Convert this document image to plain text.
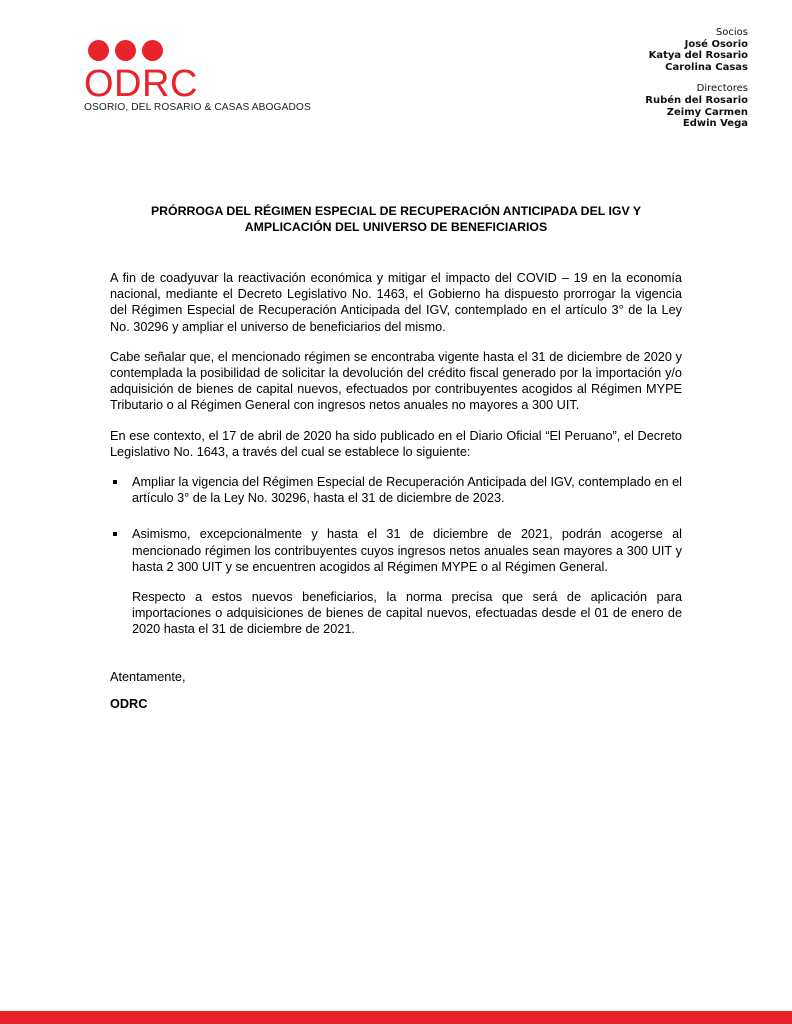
ODRC
OSORIO, DEL ROSARIO & CASAS ABOGADOS
Socios
José Osorio
Katya del Rosario
Carolina Casas
Directores
Rubén del Rosario
Zeimy Carmen
Edwin Vega
PRÓRROGA DEL RÉGIMEN ESPECIAL DE RECUPERACIÓN ANTICIPADA DEL IGV Y
AMPLICACIÓN DEL UNIVERSO DE BENEFICIARIOS

A fin de coadyuvar la reactivación económica y mitigar el impacto del COVID – 19 en la economía nacional, mediante el Decreto Legislativo No. 1463, el Gobierno ha dispuesto prorrogar la vigencia del Régimen Especial de Recuperación Anticipada del IGV, contemplado en el artículo 3° de la Ley No. 30296 y ampliar el universo de beneficiarios del mismo.

Cabe señalar que, el mencionado régimen se encontraba vigente hasta el 31 de diciembre de 2020 y contemplada la posibilidad de solicitar la devolución del crédito fiscal generado por la importación y/o adquisición de bienes de capital nuevos, efectuados por contribuyentes acogidos al Régimen MYPE Tributario o al Régimen General con ingresos netos anuales no mayores a 300 UIT.

En ese contexto, el 17 de abril de 2020 ha sido publicado en el Diario Oficial “El Peruano”, el Decreto Legislativo No. 1643, a través del cual se establece lo siguiente:

Ampliar la vigencia del Régimen Especial de Recuperación Anticipada del IGV, contemplado en el artículo 3° de la Ley No. 30296, hasta el 31 de diciembre de 2023.
Asimismo, excepcionalmente y hasta el 31 de diciembre de 2021, podrán acogerse al mencionado régimen los contribuyentes cuyos ingresos netos anuales sean mayores a 300 UIT y hasta 2 300 UIT y se encuentren acogidos al Régimen MYPE o al Régimen General.

Respecto a estos nuevos beneficiarios, la norma precisa que será de aplicación para importaciones o adquisiciones de bienes de capital nuevos, efectuadas desde el 01 de enero de 2020 hasta el 31 de diciembre de 2021.

Atentamente,
ODRC
